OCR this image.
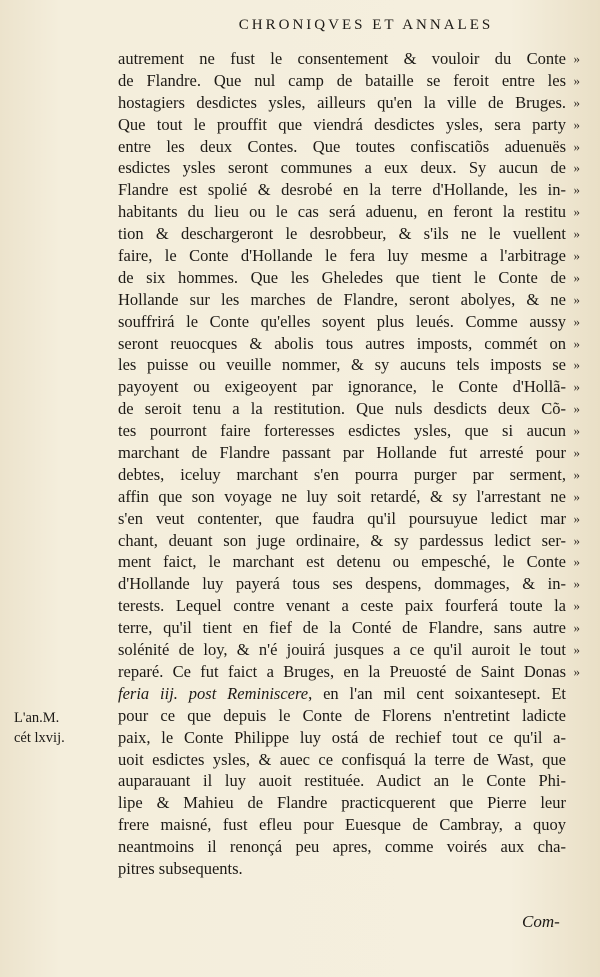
CHRONIQVES ET ANNALES
L'an.M.
cét lxvij.
autrement ne fust le consentement & vouloir du Conte »
de Flandre. Que nul camp de bataille se feroit entre les »
hostagiers desdictes ysles, ailleurs qu'en la ville de Bruges. »
Que tout le prouffit que viendrá desdictes ysles, sera party »
entre les deux Contes. Que toutes confiscatiõs aduenuës »
esdictes ysles seront communes a eux deux. Sy aucun de »
Flandre est spolié & desrobé en la terre d'Hollande, les in- »
habitants du lieu ou le cas será aduenu, en feront la restitu »
tion & deschargeront le desrobbeur, & s'ils ne le vuellent »
faire, le Conte d'Hollande le fera luy mesme a l'arbitrage »
de six hommes. Que les Gheledes que tient le Conte de »
Hollande sur les marches de Flandre, seront abolyes, & ne »
souffrirá le Conte qu'elles soyent plus leués. Comme aussy »
seront reuocques & abolis tous autres imposts, commét on »
les puisse ou veuille nommer, & sy aucuns tels imposts se »
payoyent ou exigeoyent par ignorance, le Conte d'Hollã- »
de seroit tenu a la restitution. Que nuls desdicts deux Cõ- »
tes pourront faire forteresses esdictes ysles, que si aucun »
marchant de Flandre passant par Hollande fut arresté pour »
debtes, iceluy marchant s'en pourra purger par serment, »
affin que son voyage ne luy soit retardé, & sy l'arrestant ne »
s'en veut contenter, que faudra qu'il poursuyue ledict mar »
chant, deuant son juge ordinaire, & sy pardessus ledict ser- »
ment faict, le marchant est detenu ou empesché, le Conte »
d'Hollande luy payerá tous ses despens, dommages, & in- »
terests. Lequel contre venant a ceste paix fourferá toute la »
terre, qu'il tient en fief de la Conté de Flandre, sans autre »
solénité de loy, & n'é jouirá jusques a ce qu'il auroit le tout »
reparé. Ce fut faict a Bruges, en la Preuosté de Saint Donas »
feria iij. post Reminiscere, en l'an mil cent soixantesept. Et
pour ce que depuis le Conte de Florens n'entretint ladicte
paix, le Conte Philippe luy ostá de rechief tout ce qu'il a-
uoit esdictes ysles, & auec ce confisquá la terre de Wast, que
auparauant il luy auoit restituée. Audict an le Conte Phi-
lipe & Mahieu de Flandre practicquerent que Pierre leur
frere maisné, fust efleu pour Euesque de Cambray, a quoy
neantmoins il renonçá peu apres, comme voirés aux cha-
pitres subsequents.
Com-
